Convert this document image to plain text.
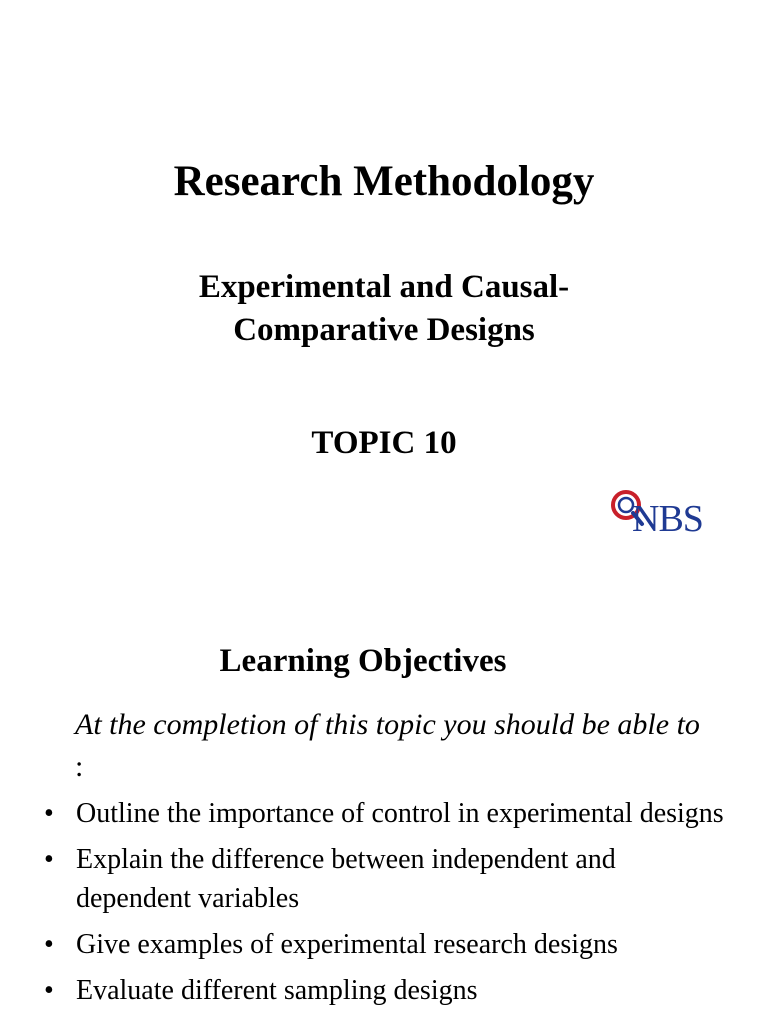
Research Methodology
Experimental and Causal-Comparative Designs
TOPIC 10
NBS
Learning Objectives

At the completion of this topic you should be able to :

• Outline the importance of control in experimental designs
• Explain the difference between independent and dependent variables
• Give examples of experimental research designs
• Evaluate different sampling designs
